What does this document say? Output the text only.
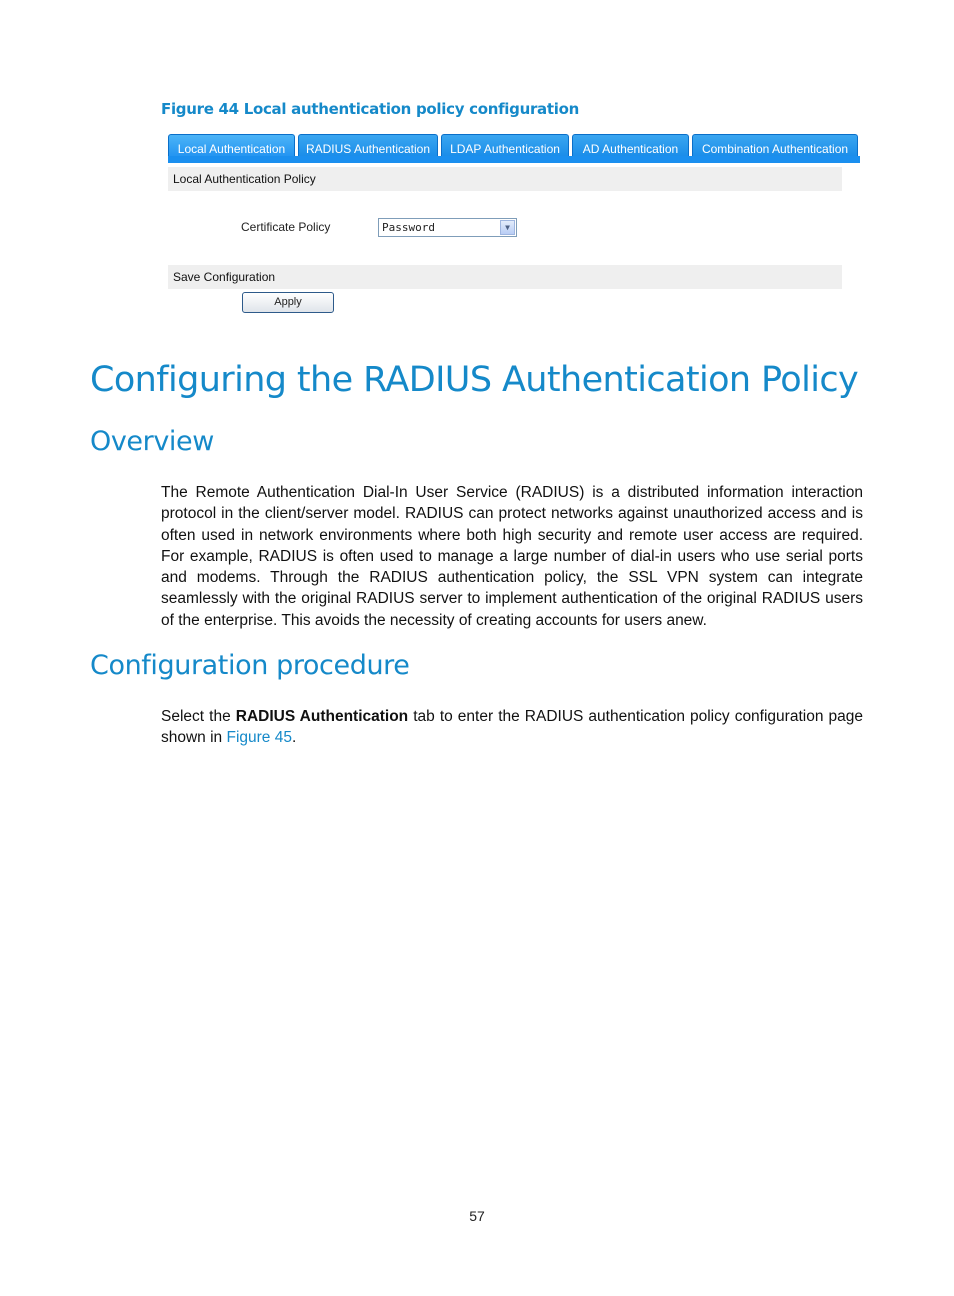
Figure 44 Local authentication policy configuration
Local Authentication	RADIUS Authentication	LDAP Authentication	AD Authentication	Combination Authentication
Local Authentication Policy
Certificate Policy	Password	▼
Save Configuration
Apply
Configuring the RADIUS Authentication Policy
Overview

The Remote Authentication Dial-In User Service (RADIUS) is a distributed information interaction protocol in the client/server model. RADIUS can protect networks against unauthorized access and is often used in network environments where both high security and remote user access are required. For example, RADIUS is often used to manage a large number of dial-in users who use serial ports and modems. Through the RADIUS authentication policy, the SSL VPN system can integrate seamlessly with the original RADIUS server to implement authentication of the original RADIUS users of the enterprise. This avoids the necessity of creating accounts for users anew.

Configuration procedure

Select the RADIUS Authentication tab to enter the RADIUS authentication policy configuration page shown in Figure 45.

57
